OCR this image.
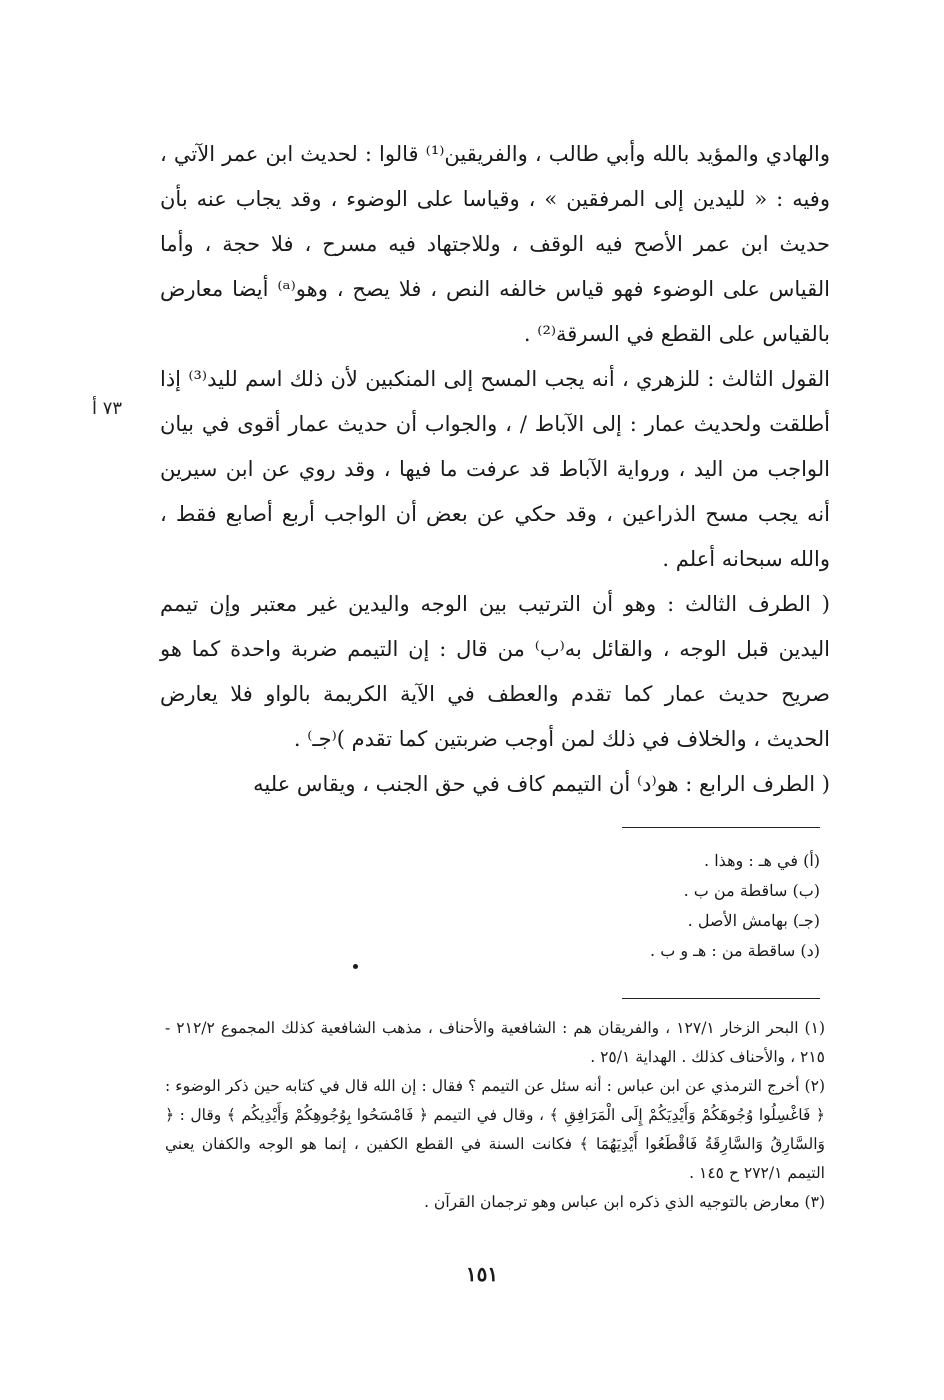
والهادي والمؤيد بالله وأبي طالب ، والفريقين⁽¹⁾ قالوا : لحديث ابن عمر الآتي ، وفيه : « لليدين إلى المرفقين » ، وقياسا على الوضوء ، وقد يجاب عنه بأن حديث ابن عمر الأصح فيه الوقف ، وللاجتهاد فيه مسرح ، فلا حجة ، وأما القياس على الوضوء فهو قياس خالفه النص ، فلا يصح ، وهو⁽ᵃ⁾ أيضا معارض بالقياس على القطع في السرقة⁽²⁾ .

القول الثالث : للزهري ، أنه يجب المسح إلى المنكبين لأن ذلك اسم لليد⁽³⁾ إذا أطلقت ولحديث عمار : إلى الآباط / ، والجواب أن حديث عمار أقوى في بيان الواجب من اليد ، ورواية الآباط قد عرفت ما فيها ، وقد روي عن ابن سيرين أنه يجب مسح الذراعين ، وقد حكي عن بعض أن الواجب أربع أصابع فقط ، والله سبحانه أعلم .

( الطرف الثالث : وهو أن الترتيب بين الوجه واليدين غير معتبر وإن تيمم اليدين قبل الوجه ، والقائل به⁽ب⁾ من قال : إن التيمم ضربة واحدة كما هو صريح حديث عمار كما تقدم والعطف في الآية الكريمة بالواو فلا يعارض الحديث ، والخلاف في ذلك لمن أوجب ضربتين كما تقدم )⁽جـ⁾ .

( الطرف الرابع : هو⁽د⁾ أن التيمم كاف في حق الجنب ، ويقاس عليه

٧٣ أ
(أ) في هـ : وهذا .
(ب) ساقطة من ب .
(جـ) بهامش الأصل .
(د) ساقطة من : هـ و ب .

(١) البحر الزخار ١٢٧/١ ، والفريقان هم : الشافعية والأحناف ، مذهب الشافعية كذلك المجموع ٢١٢/٢ - ٢١٥ ، والأحناف كذلك . الهداية ٢٥/١ .

(٢) أخرج الترمذي عن ابن عباس : أنه سئل عن التيمم ؟ فقال : إن الله قال في كتابه حين ذكر الوضوء : ﴿ فَاغْسِلُوا وُجُوهَكُمْ وَأَيْدِيَكُمْ إِلَى الْمَرَافِقِ ﴾ ، وقال في التيمم ﴿ فَامْسَحُوا بِوُجُوهِكُمْ وَأَيْدِيكُم ﴾ وقال : ﴿ وَالسَّارِقُ وَالسَّارِقَةُ فَاقْطَعُوا أَيْدِيَهُمَا ﴾ فكانت السنة في القطع الكفين ، إنما هو الوجه والكفان يعني التيمم ٢٧٢/١ ح ١٤٥ .

(٣) معارض بالتوجيه الذي ذكره ابن عباس وهو ترجمان القرآن .

١٥١
